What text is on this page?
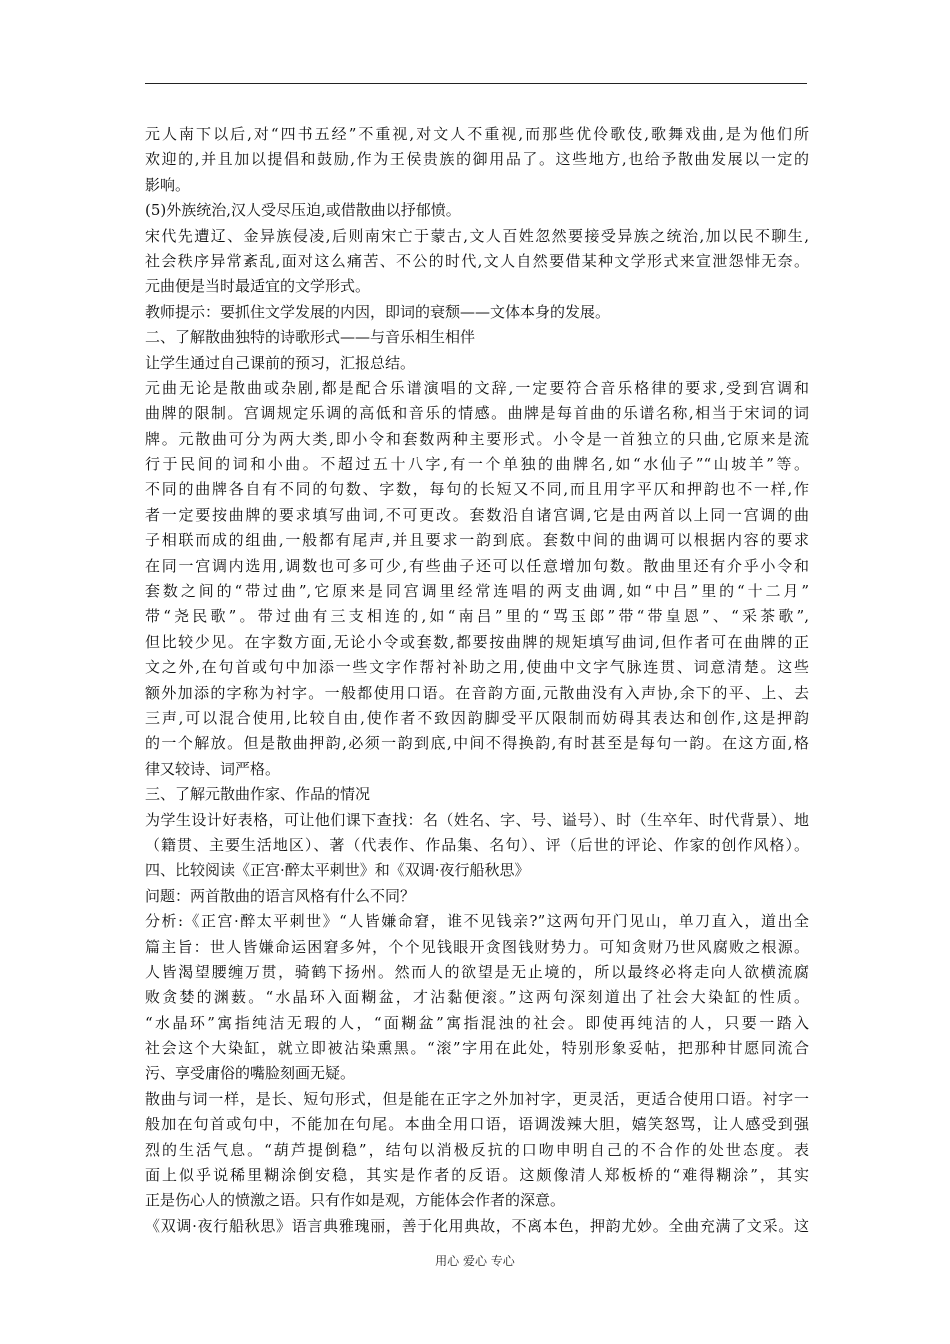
元人南下以后,对“四书五经”不重视,对文人不重视,而那些优伶歌伎,歌舞戏曲,是为他们所
欢迎的,并且加以提倡和鼓励,作为王侯贵族的御用品了。这些地方,也给予散曲发展以一定的
影响。
(5)外族统治,汉人受尽压迫,或借散曲以抒郁愤。
宋代先遭辽、金异族侵凌,后则南宋亡于蒙古,文人百姓忽然要接受异族之统治,加以民不聊生,
社会秩序异常紊乱,面对这么痛苦、不公的时代,文人自然要借某种文学形式来宣泄怨悱无奈。
元曲便是当时最适宜的文学形式。
教师提示：要抓住文学发展的内因，即词的衰颓——文体本身的发展。
二、了解散曲独特的诗歌形式——与音乐相生相伴
让学生通过自己课前的预习，汇报总结。
元曲无论是散曲或杂剧,都是配合乐谱演唱的文辞,一定要符合音乐格律的要求,受到宫调和
曲牌的限制。宫调规定乐调的高低和音乐的情感。曲牌是每首曲的乐谱名称,相当于宋词的词
牌。元散曲可分为两大类,即小令和套数两种主要形式。小令是一首独立的只曲,它原来是流
行于民间的词和小曲。不超过五十八字,有一个单独的曲牌名,如“水仙子”“山坡羊”等。
不同的曲牌各自有不同的句数、字数，每句的长短又不同,而且用字平仄和押韵也不一样,作
者一定要按曲牌的要求填写曲词,不可更改。套数沿自诸宫调,它是由两首以上同一宫调的曲
子相联而成的组曲,一般都有尾声,并且要求一韵到底。套数中间的曲调可以根据内容的要求
在同一宫调内选用,调数也可多可少,有些曲子还可以任意增加句数。散曲里还有介乎小令和
套数之间的“带过曲”,它原来是同宫调里经常连唱的两支曲调,如“中吕”里的“十二月”
带“尧民歌”。带过曲有三支相连的,如“南吕”里的“骂玉郎”带“带皇恩”、“采茶歌”,
但比较少见。在字数方面,无论小令或套数,都要按曲牌的规矩填写曲词,但作者可在曲牌的正
文之外,在句首或句中加添一些文字作帮衬补助之用,使曲中文字气脉连贯、词意清楚。这些
额外加添的字称为衬字。一般都使用口语。在音韵方面,元散曲没有入声协,余下的平、上、去
三声,可以混合使用,比较自由,使作者不致因韵脚受平仄限制而妨碍其表达和创作,这是押韵
的一个解放。但是散曲押韵,必须一韵到底,中间不得换韵,有时甚至是每句一韵。在这方面,格
律又较诗、词严格。
三、了解元散曲作家、作品的情况
为学生设计好表格，可让他们课下查找：名（姓名、字、号、谥号）、时（生卒年、时代背景）、地
（籍贯、主要生活地区）、著（代表作、作品集、名句）、评（后世的评论、作家的创作风格）。
四、比较阅读《正宫·醉太平刺世》和《双调·夜行船秋思》
问题：两首散曲的语言风格有什么不同？
分析:《正宫·醉太平刺世》“人皆嫌命窘，谁不见钱亲?”这两句开门见山，单刀直入，道出全
篇主旨：世人皆嫌命运困窘多舛，个个见钱眼开贪图钱财势力。可知贪财乃世风腐败之根源。
人皆渴望腰缠万贯，骑鹤下扬州。然而人的欲望是无止境的，所以最终必将走向人欲横流腐
败贪婪的渊薮。“水晶环入面糊盆，才沾黏便滚。”这两句深刻道出了社会大染缸的性质。
“水晶环”寓指纯洁无瑕的人，“面糊盆”寓指混浊的社会。即使再纯洁的人，只要一踏入
社会这个大染缸，就立即被沾染熏黑。“滚”字用在此处，特别形象妥帖，把那种甘愿同流合
污、享受庸俗的嘴脸刻画无疑。
散曲与词一样，是长、短句形式，但是能在正字之外加衬字，更灵活，更适合使用口语。衬字一
般加在句首或句中，不能加在句尾。本曲全用口语，语调泼辣大胆，嬉笑怒骂，让人感受到强
烈的生活气息。“葫芦提倒稳”，结句以消极反抗的口吻申明自己的不合作的处世态度。表
面上似乎说稀里糊涂倒安稳，其实是作者的反语。这颇像清人郑板桥的“难得糊涂”，其实
正是伤心人的愤激之语。只有作如是观，方能体会作者的深意。
《双调·夜行船秋思》语言典雅瑰丽，善于化用典故，不离本色，押韵尤妙。全曲充满了文采。这
用心 爱心 专心
